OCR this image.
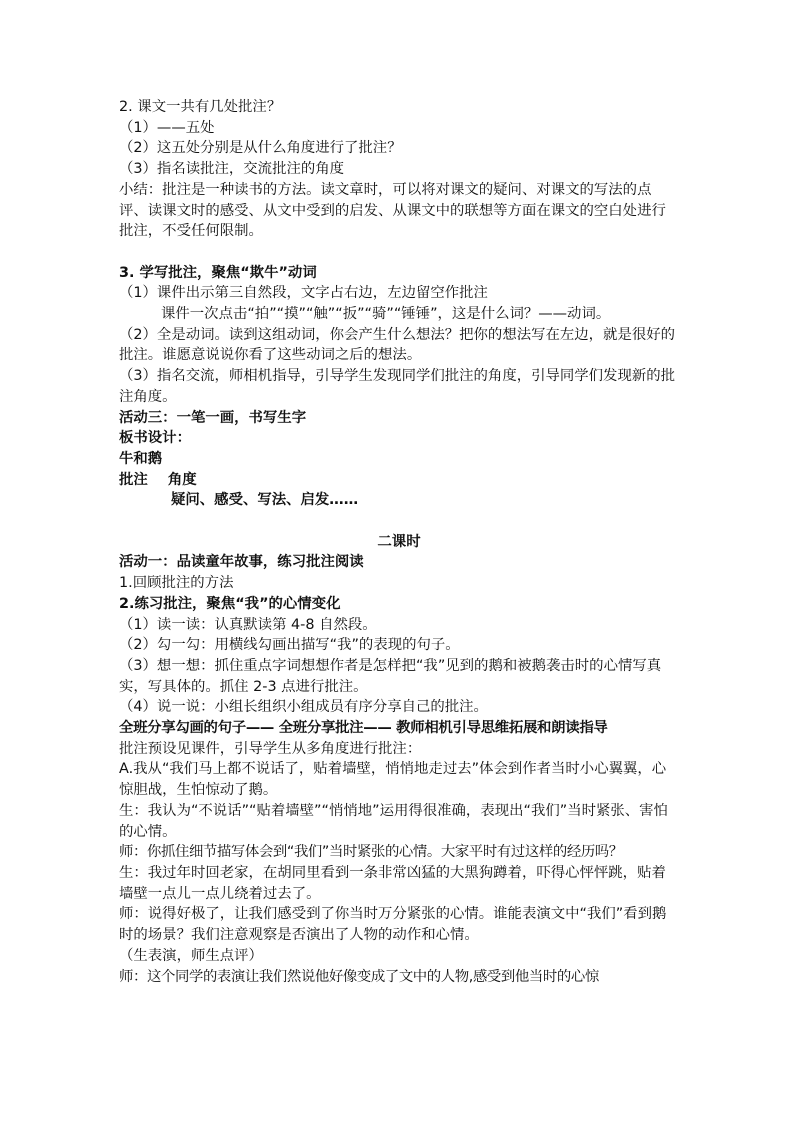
2. 课文一共有几处批注？
（1）——五处
（2）这五处分别是从什么角度进行了批注？
（3）指名读批注，交流批注的角度
小结：批注是一种读书的方法。读文章时，可以将对课文的疑问、对课文的写法的点评、读课文时的感受、从文中受到的启发、从课文中的联想等方面在课文的空白处进行批注，不受任何限制。
3. 学写批注，聚焦“欺牛”动词
（1）课件出示第三自然段，文字占右边，左边留空作批注
课件一次点击“拍”“摸”“触”“扳”“骑”“锤锤”，这是什么词？——动词。
（2）全是动词。读到这组动词，你会产生什么想法？把你的想法写在左边，就是很好的批注。谁愿意说说你看了这些动词之后的想法。
（3）指名交流，师相机指导，引导学生发现同学们批注的角度，引导同学们发现新的批注角度。
活动三：一笔一画，书写生字
板书设计：
牛和鹅
批注    角度
疑问、感受、写法、启发……
二课时
活动一：品读童年故事，练习批注阅读
1.回顾批注的方法
2.练习批注，聚焦“我”的心情变化
（1）读一读：认真默读第 4-8 自然段。
（2）勾一勾：用横线勾画出描写“我”的表现的句子。
（3）想一想：抓住重点字词想想作者是怎样把“我”见到的鹅和被鹅袭击时的心情写真实，写具体的。抓住 2-3 点进行批注。
（4）说一说：小组长组织小组成员有序分享自己的批注。
全班分享勾画的句子—— 全班分享批注—— 教师相机引导思维拓展和朗读指导
批注预设见课件，引导学生从多角度进行批注：
A.我从“我们马上都不说话了，贴着墙壁，悄悄地走过去”体会到作者当时小心翼翼，心惊胆战，生怕惊动了鹅。
生：我认为“不说话”“贴着墙壁”“悄悄地”运用得很准确，表现出“我们”当时紧张、害怕的心情。
师：你抓住细节描写体会到“我们”当时紧张的心情。大家平时有过这样的经历吗？
生：我过年时回老家，在胡同里看到一条非常凶猛的大黑狗蹲着，吓得心怦怦跳，贴着墙壁一点儿一点儿绕着过去了。
师：说得好极了，让我们感受到了你当时万分紧张的心情。谁能表演文中“我们”看到鹅时的场景？我们注意观察是否演出了人物的动作和心情。
（生表演，师生点评）
师：这个同学的表演让我们然说他好像变成了文中的人物,感受到他当时的心惊
